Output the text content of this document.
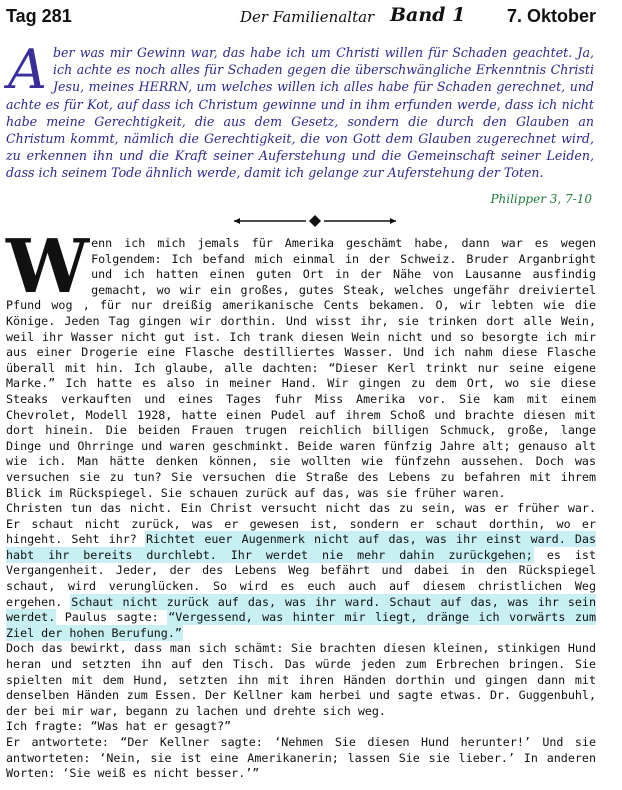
Tag 281	Der Familienaltar Band 1 7. Oktober
Aber was mir Gewinn war, das habe ich um Christi willen für Schaden geachtet. Ja, ich achte es noch alles für Schaden gegen die überschwängliche Erkenntnis Christi Jesu, meines HERRN, um welches willen ich alles habe für Schaden gerechnet, und achte es für Kot, auf dass ich Christum gewinne und in ihm erfunden werde, dass ich nicht habe meine Gerechtigkeit, die aus dem Gesetz, sondern die durch den Glauben an Christum kommt, nämlich die Gerechtigkeit, die von Gott dem Glauben zugerechnet wird, zu erkennen ihn und die Kraft seiner Auferstehung und die Gemeinschaft seiner Leiden, dass ich seinem Tode ähnlich werde, damit ich gelange zur Auferstehung der Toten.
Philipper 3, 7-10

Wenn ich mich jemals für Amerika geschämt habe, dann war es wegen Folgendem: Ich befand mich einmal in der Schweiz. Bruder Arganbright und ich hatten einen guten Ort in der Nähe von Lausanne ausfindig gemacht, wo wir ein großes, gutes Steak, welches ungefähr dreiviertel Pfund wog , für nur dreißig amerikanische Cents bekamen. O, wir lebten wie die Könige. Jeden Tag gingen wir dorthin. Und wisst ihr, sie trinken dort alle Wein, weil ihr Wasser nicht gut ist. Ich trank diesen Wein nicht und so besorgte ich mir aus einer Drogerie eine Flasche destilliertes Wasser. Und ich nahm diese Flasche überall mit hin. Ich glaube, alle dachten: “Dieser Kerl trinkt nur seine eigene Marke.” Ich hatte es also in meiner Hand. Wir gingen zu dem Ort, wo sie diese Steaks verkauften und eines Tages fuhr Miss Amerika vor. Sie kam mit einem Chevrolet, Modell 1928, hatte einen Pudel auf ihrem Schoß und brachte diesen mit dort hinein. Die beiden Frauen trugen reichlich billigen Schmuck, große, lange Dinge und Ohrringe und waren geschminkt. Beide waren fünfzig Jahre alt; genauso alt wie ich. Man hätte denken können, sie wollten wie fünfzehn aussehen. Doch was versuchen sie zu tun? Sie versuchen die Straße des Lebens zu befahren mit ihrem Blick im Rückspiegel. Sie schauen zurück auf das, was sie früher waren.

Christen tun das nicht. Ein Christ versucht nicht das zu sein, was er früher war. Er schaut nicht zurück, was er gewesen ist, sondern er schaut dorthin, wo er hingeht. Seht ihr? Richtet euer Augenmerk nicht auf das, was ihr einst ward. Das habt ihr bereits durchlebt. Ihr werdet nie mehr dahin zurückgehen; es ist Vergangenheit. Jeder, der des Lebens Weg befährt und dabei in den Rückspiegel schaut, wird verunglücken. So wird es euch auch auf diesem christlichen Weg ergehen. Schaut nicht zurück auf das, was ihr ward. Schaut auf das, was ihr sein werdet. Paulus sagte: “Vergessend, was hinter mir liegt, dränge ich vorwärts zum Ziel der hohen Berufung.”

Doch das bewirkt, dass man sich schämt: Sie brachten diesen kleinen, stinkigen Hund heran und setzten ihn auf den Tisch. Das würde jeden zum Erbrechen bringen. Sie spielten mit dem Hund, setzten ihn mit ihren Händen dorthin und gingen dann mit denselben Händen zum Essen. Der Kellner kam herbei und sagte etwas. Dr. Guggenbuhl, der bei mir war, begann zu lachen und drehte sich weg.

Ich fragte: “Was hat er gesagt?”

Er antwortete: “Der Kellner sagte: ‘Nehmen Sie diesen Hund herunter!’ Und sie antworteten: ‘Nein, sie ist eine Amerikanerin; lassen Sie sie lieber.’ In anderen Worten: ‘Sie weiß es nicht besser.’”
